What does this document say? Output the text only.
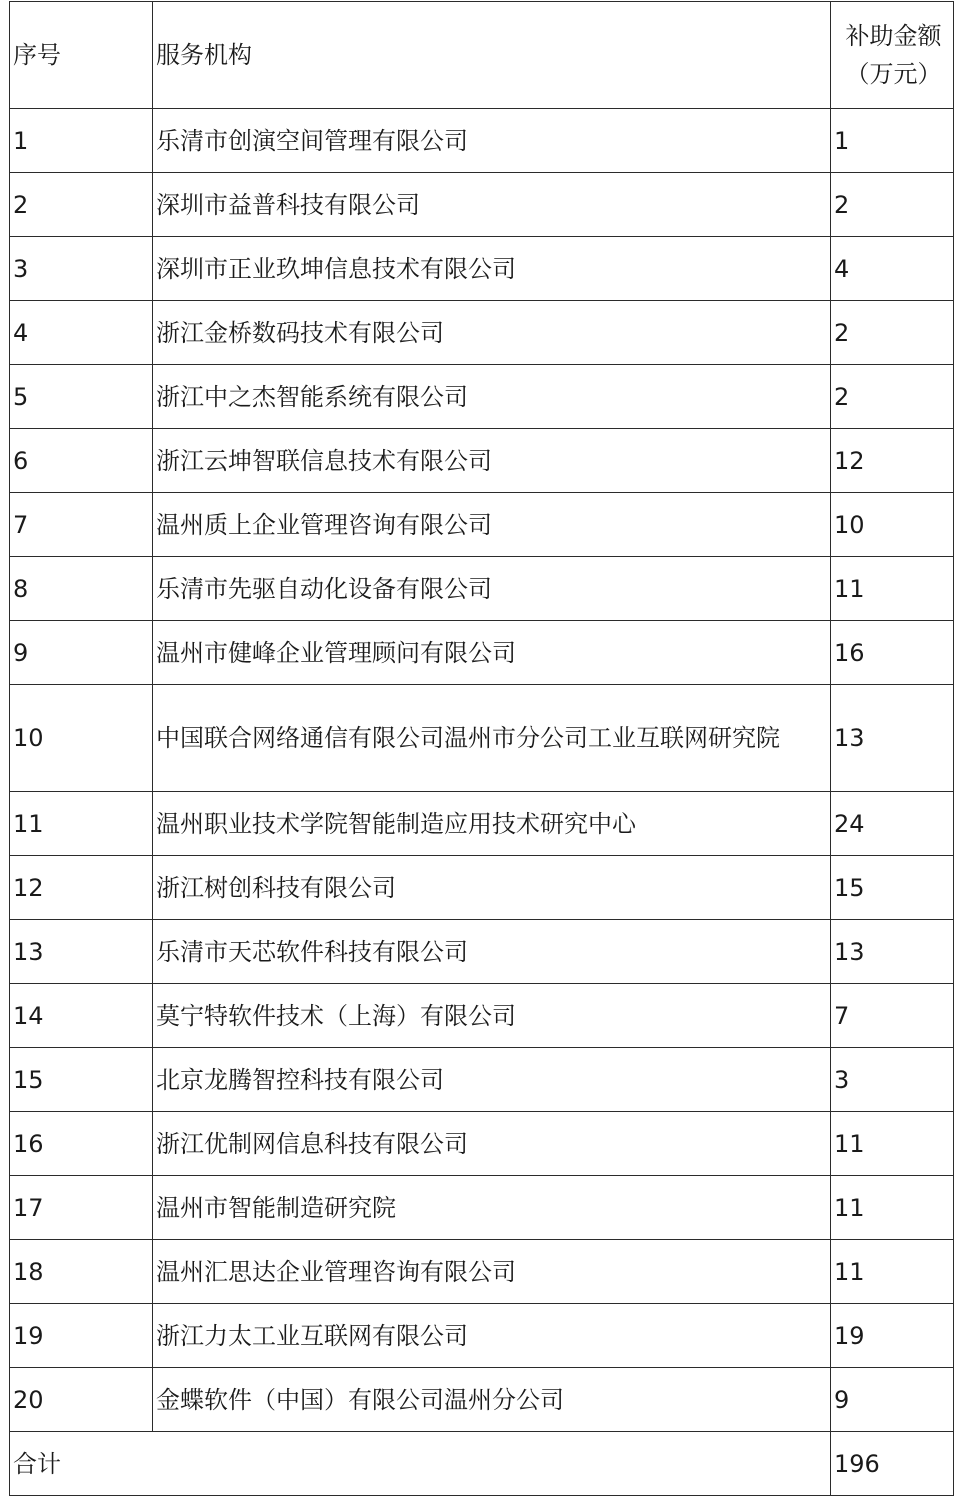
序号	服务机构	补助金额
（万元）

1	乐清市创演空间管理有限公司	1
2	深圳市益普科技有限公司	2
3	深圳市正业玖坤信息技术有限公司	4
4	浙江金桥数码技术有限公司	2
5	浙江中之杰智能系统有限公司	2
6	浙江云坤智联信息技术有限公司	12
7	温州质上企业管理咨询有限公司	10
8	乐清市先驱自动化设备有限公司	11
9	温州市健峰企业管理顾问有限公司	16
10	中国联合网络通信有限公司温州市分公司工业互联网研究院	13
11	温州职业技术学院智能制造应用技术研究中心	24
12	浙江树创科技有限公司	15
13	乐清市天芯软件科技有限公司	13
14	莫宁特软件技术（上海）有限公司	7
15	北京龙腾智控科技有限公司	3
16	浙江优制网信息科技有限公司	11
17	温州市智能制造研究院	11
18	温州汇思达企业管理咨询有限公司	11
19	浙江力太工业互联网有限公司	19
20	金蝶软件（中国）有限公司温州分公司	9
合计		196
